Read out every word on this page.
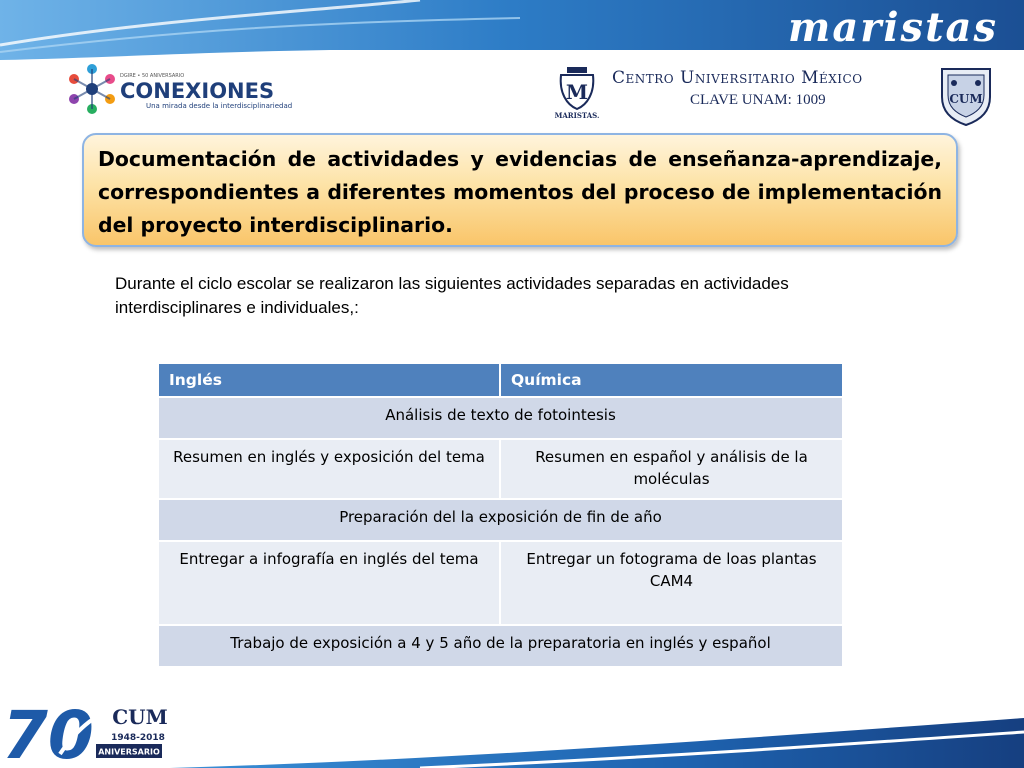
maristas
DGIRE • 50 ANIVERSARIO
CONEXIONES
Una mirada desde la interdisciplinariedad
M
MARISTAS.
Centro Universitario México
CLAVE UNAM: 1009	CUM
Documentación de actividades y evidencias de enseñanza-aprendizaje, correspondientes a diferentes momentos del proceso de implementación del proyecto interdisciplinario.
Durante el ciclo escolar se realizaron las siguientes actividades separadas en actividades interdisciplinares e individuales,:
Inglés	Química
Análisis de texto de fotointesis	
Resumen en inglés y exposición del tema	Resumen en español y análisis de la moléculas
Preparación del la exposición de fin de año	
Entregar a infografía en inglés del tema	Entregar un fotograma de loas plantas CAM4
Trabajo de exposición a 4 y 5 año de la preparatoria en inglés y español	
70 CUM
1948-2018
ANIVERSARIO
